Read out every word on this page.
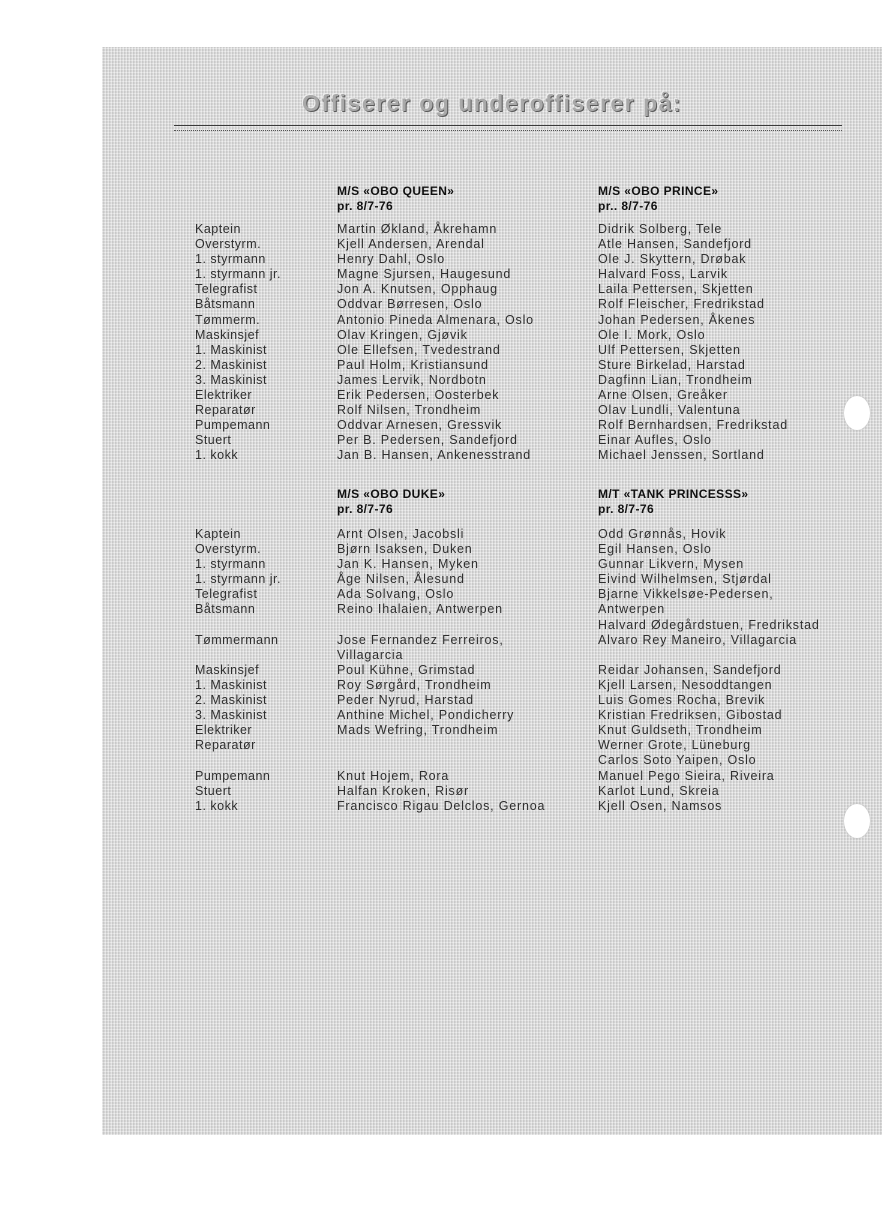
Offiserer og underoffiserer på:
M/S «OBO QUEEN»
pr. 8/7-76
M/S «OBO PRINCE»
pr.. 8/7-76
Kaptein
Overstyrm.
1. styrmann
1. styrmann jr.
Telegrafist
Båtsmann
Tømmerm.
Maskinsjef
1. Maskinist
2. Maskinist
3. Maskinist
Elektriker
Reparatør
Pumpemann
Stuert
1. kokk
Martin Økland, Åkrehamn
Kjell Andersen, Arendal
Henry Dahl, Oslo
Magne Sjursen, Haugesund
Jon A. Knutsen, Opphaug
Oddvar Børresen, Oslo
Antonio Pineda Almenara, Oslo
Olav Kringen, Gjøvik
Ole Ellefsen, Tvedestrand
Paul Holm, Kristiansund
James Lervik, Nordbotn
Erik Pedersen, Oosterbek
Rolf Nilsen, Trondheim
Oddvar Arnesen, Gressvik
Per B. Pedersen, Sandefjord
Jan B. Hansen, Ankenesstrand
Didrik Solberg, Tele
Atle Hansen, Sandefjord
Ole J. Skyttern, Drøbak
Halvard Foss, Larvik
Laila Pettersen, Skjetten
Rolf Fleischer, Fredrikstad
Johan Pedersen, Åkenes
Ole I. Mork, Oslo
Ulf Pettersen, Skjetten
Sture Birkelad, Harstad
Dagfinn Lian, Trondheim
Arne Olsen, Greåker
Olav Lundli, Valentuna
Rolf Bernhardsen, Fredrikstad
Einar Aufles, Oslo
Michael Jenssen, Sortland
M/S «OBO DUKE»
pr. 8/7-76
M/T «TANK PRINCESSS»
pr. 8/7-76
Kaptein
Overstyrm.
1. styrmann
1. styrmann jr.
Telegrafist
Båtsmann
Tømmermann
Maskinsjef
1. Maskinist
2. Maskinist
3. Maskinist
Elektriker
Reparatør
Pumpemann
Stuert
1. kokk
Arnt Olsen, Jacobsli
Bjørn Isaksen, Duken
Jan K. Hansen, Myken
Åge Nilsen, Ålesund
Ada Solvang, Oslo
Reino Ihalaien, Antwerpen
Jose Fernandez Ferreiros,
Villagarcia
Poul Kühne, Grimstad
Roy Sørgård, Trondheim
Peder Nyrud, Harstad
Anthine Michel, Pondicherry
Mads Wefring, Trondheim
Knut Hojem, Rora
Halfan Kroken, Risør
Francisco Rigau Delclos, Gernoa
Odd Grønnås, Hovik
Egil Hansen, Oslo
Gunnar Likvern, Mysen
Eivind Wilhelmsen, Stjørdal
Bjarne Vikkelsøe-Pedersen,
Antwerpen
Halvard Ødegårdstuen, Fredrikstad
Alvaro Rey Maneiro, Villagarcia
Reidar Johansen, Sandefjord
Kjell Larsen, Nesoddtangen
Luis Gomes Rocha, Brevik
Kristian Fredriksen, Gibostad
Knut Guldseth, Trondheim
Werner Grote, Lüneburg
Carlos Soto Yaipen, Oslo
Manuel Pego Sieira, Riveira
Karlot Lund, Skreia
Kjell Osen, Namsos
